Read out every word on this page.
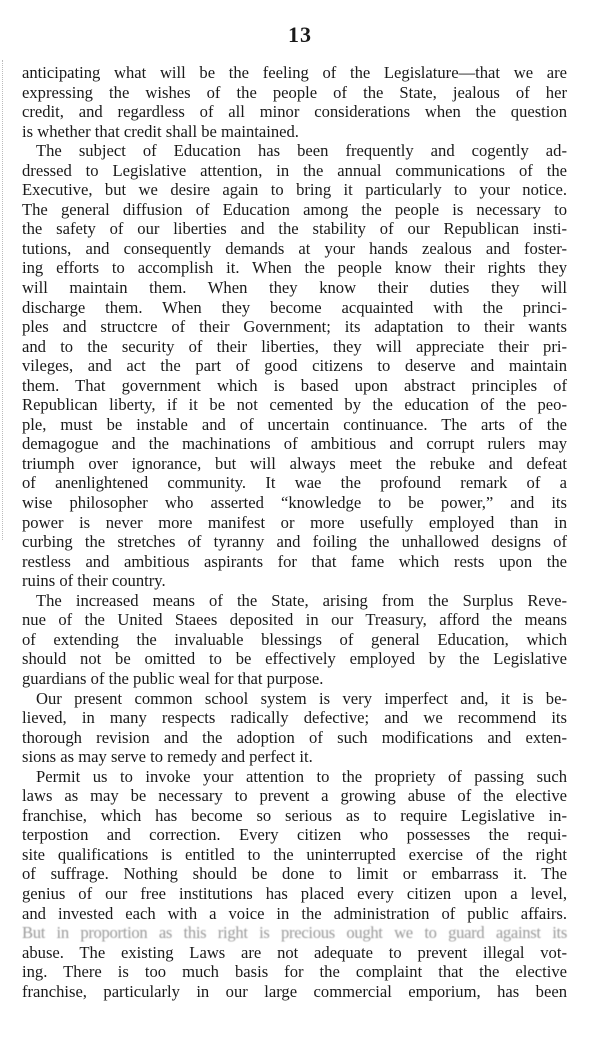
13
anticipating what will be the feeling of the Legislature—that we are
expressing the wishes of the people of the State, jealous of her
credit, and regardless of all minor considerations when the question
is whether that credit shall be maintained.
The subject of Education has been frequently and cogently ad-
dressed to Legislative attention, in the annual communications of the
Executive, but we desire again to bring it particularly to your notice.
The general diffusion of Education among the people is necessary to
the safety of our liberties and the stability of our Republican insti-
tutions, and consequently demands at your hands zealous and foster-
ing efforts to accomplish it. When the people know their rights they
will maintain them. When they know their duties they will
discharge them. When they become acquainted with the princi-
ples and structcre of their Government; its adaptation to their wants
and to the security of their liberties, they will appreciate their pri-
vileges, and act the part of good citizens to deserve and maintain
them. That government which is based upon abstract principles of
Republican liberty, if it be not cemented by the education of the peo-
ple, must be instable and of uncertain continuance. The arts of the
demagogue and the machinations of ambitious and corrupt rulers may
triumph over ignorance, but will always meet the rebuke and defeat
of anenlightened community. It wae the profound remark of a
wise philosopher who asserted “knowledge to be power,” and its
power is never more manifest or more usefully employed than in
curbing the stretches of tyranny and foiling the unhallowed designs of
restless and ambitious aspirants for that fame which rests upon the
ruins of their country.
The increased means of the State, arising from the Surplus Reve-
nue of the United Staees deposited in our Treasury, afford the means
of extending the invaluable blessings of general Education, which
should not be omitted to be effectively employed by the Legislative
guardians of the public weal for that purpose.
Our present common school system is very imperfect and, it is be-
lieved, in many respects radically defective; and we recommend its
thorough revision and the adoption of such modifications and exten-
sions as may serve to remedy and perfect it.
Permit us to invoke your attention to the propriety of passing such
laws as may be necessary to prevent a growing abuse of the elective
franchise, which has become so serious as to require Legislative in-
terpostion and correction. Every citizen who possesses the requi-
site qualifications is entitled to the uninterrupted exercise of the right
of suffrage. Nothing should be done to limit or embarrass it. The
genius of our free institutions has placed every citizen upon a level,
and invested each with a voice in the administration of public affairs.
But in proportion as this right is precious ought we to guard against its
abuse. The existing Laws are not adequate to prevent illegal vot-
ing. There is too much basis for the complaint that the elective
franchise, particularly in our large commercial emporium, has been
